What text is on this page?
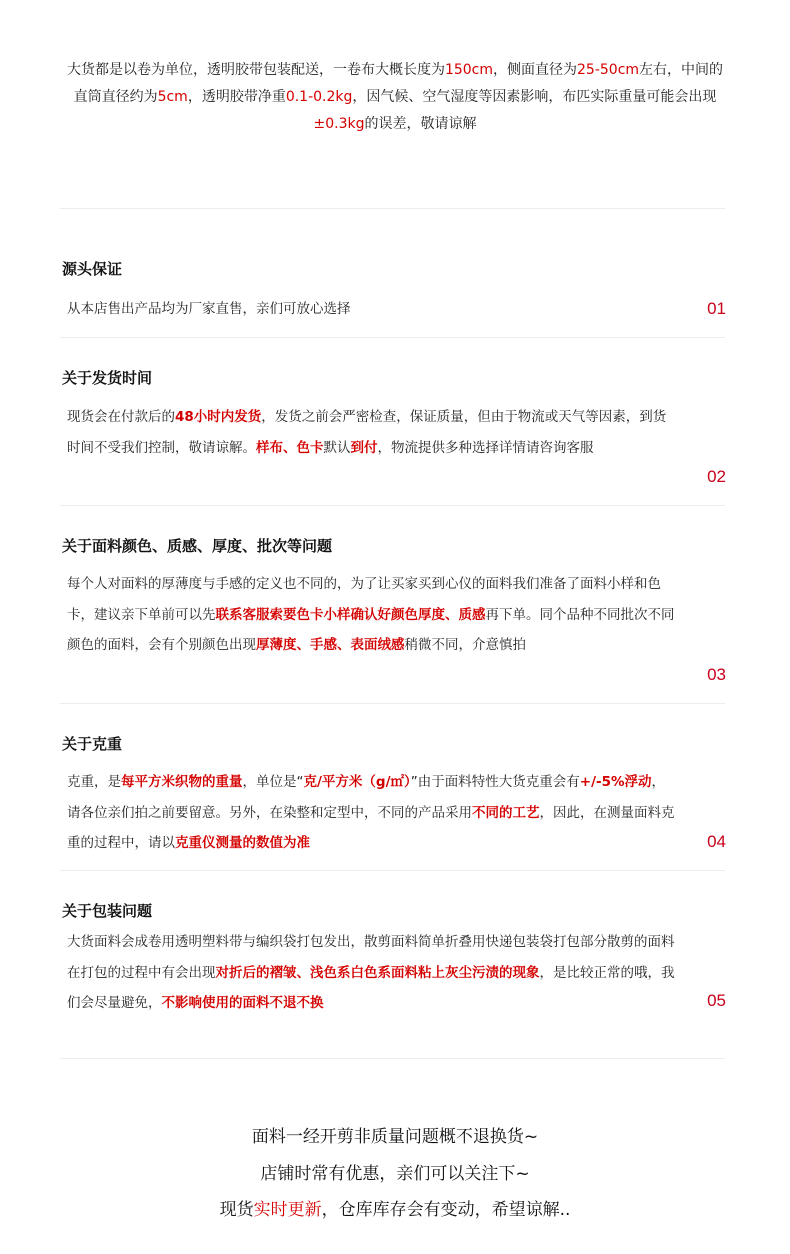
大货都是以卷为单位，透明胶带包装配送，一卷布大概长度为150cm，侧面直径为25-50cm左右，中间的直筒直径约为5cm，透明胶带净重0.1-0.2kg，因气候、空气湿度等因素影响，布匹实际重量可能会出现±0.3kg的误差，敬请谅解
源头保证
从本店售出产品均为厂家直售，亲们可放心选择	01
关于发货时间
现货会在付款后的48小时内发货，发货之前会严密检查，保证质量，但由于物流或天气等因素，到货时间不受我们控制，敬请谅解。样布、色卡默认到付，物流提供多种选择详情请咨询客服
02
关于面料颜色、质感、厚度、批次等问题
每个人对面料的厚薄度与手感的定义也不同的，为了让买家买到心仪的面料我们准备了面料小样和色卡，建议亲下单前可以先联系客服索要色卡小样确认好颜色厚度、质感再下单。同个品种不同批次不同颜色的面料，会有个别颜色出现厚薄度、手感、表面绒感稍微不同，介意慎拍
03
关于克重
克重，是每平方米织物的重量，单位是“克/平方米（g/㎡）”由于面料特性大货克重会有+/-5%浮动，请各位亲们拍之前要留意。另外，在染整和定型中，不同的产品采用不同的工艺，因此，在测量面料克重的过程中，请以克重仪测量的数值为准	04
关于包装问题
大货面料会成卷用透明塑料带与编织袋打包发出，散剪面料简单折叠用快递包装袋打包部分散剪的面料在打包的过程中有会出现对折后的褶皱、浅色系白色系面料粘上灰尘污渍的现象，是比较正常的哦，我们会尽量避免，不影响使用的面料不退不换	05
面料一经开剪非质量问题概不退换货~
店铺时常有优惠，亲们可以关注下~
现货实时更新，仓库库存会有变动，希望谅解..
